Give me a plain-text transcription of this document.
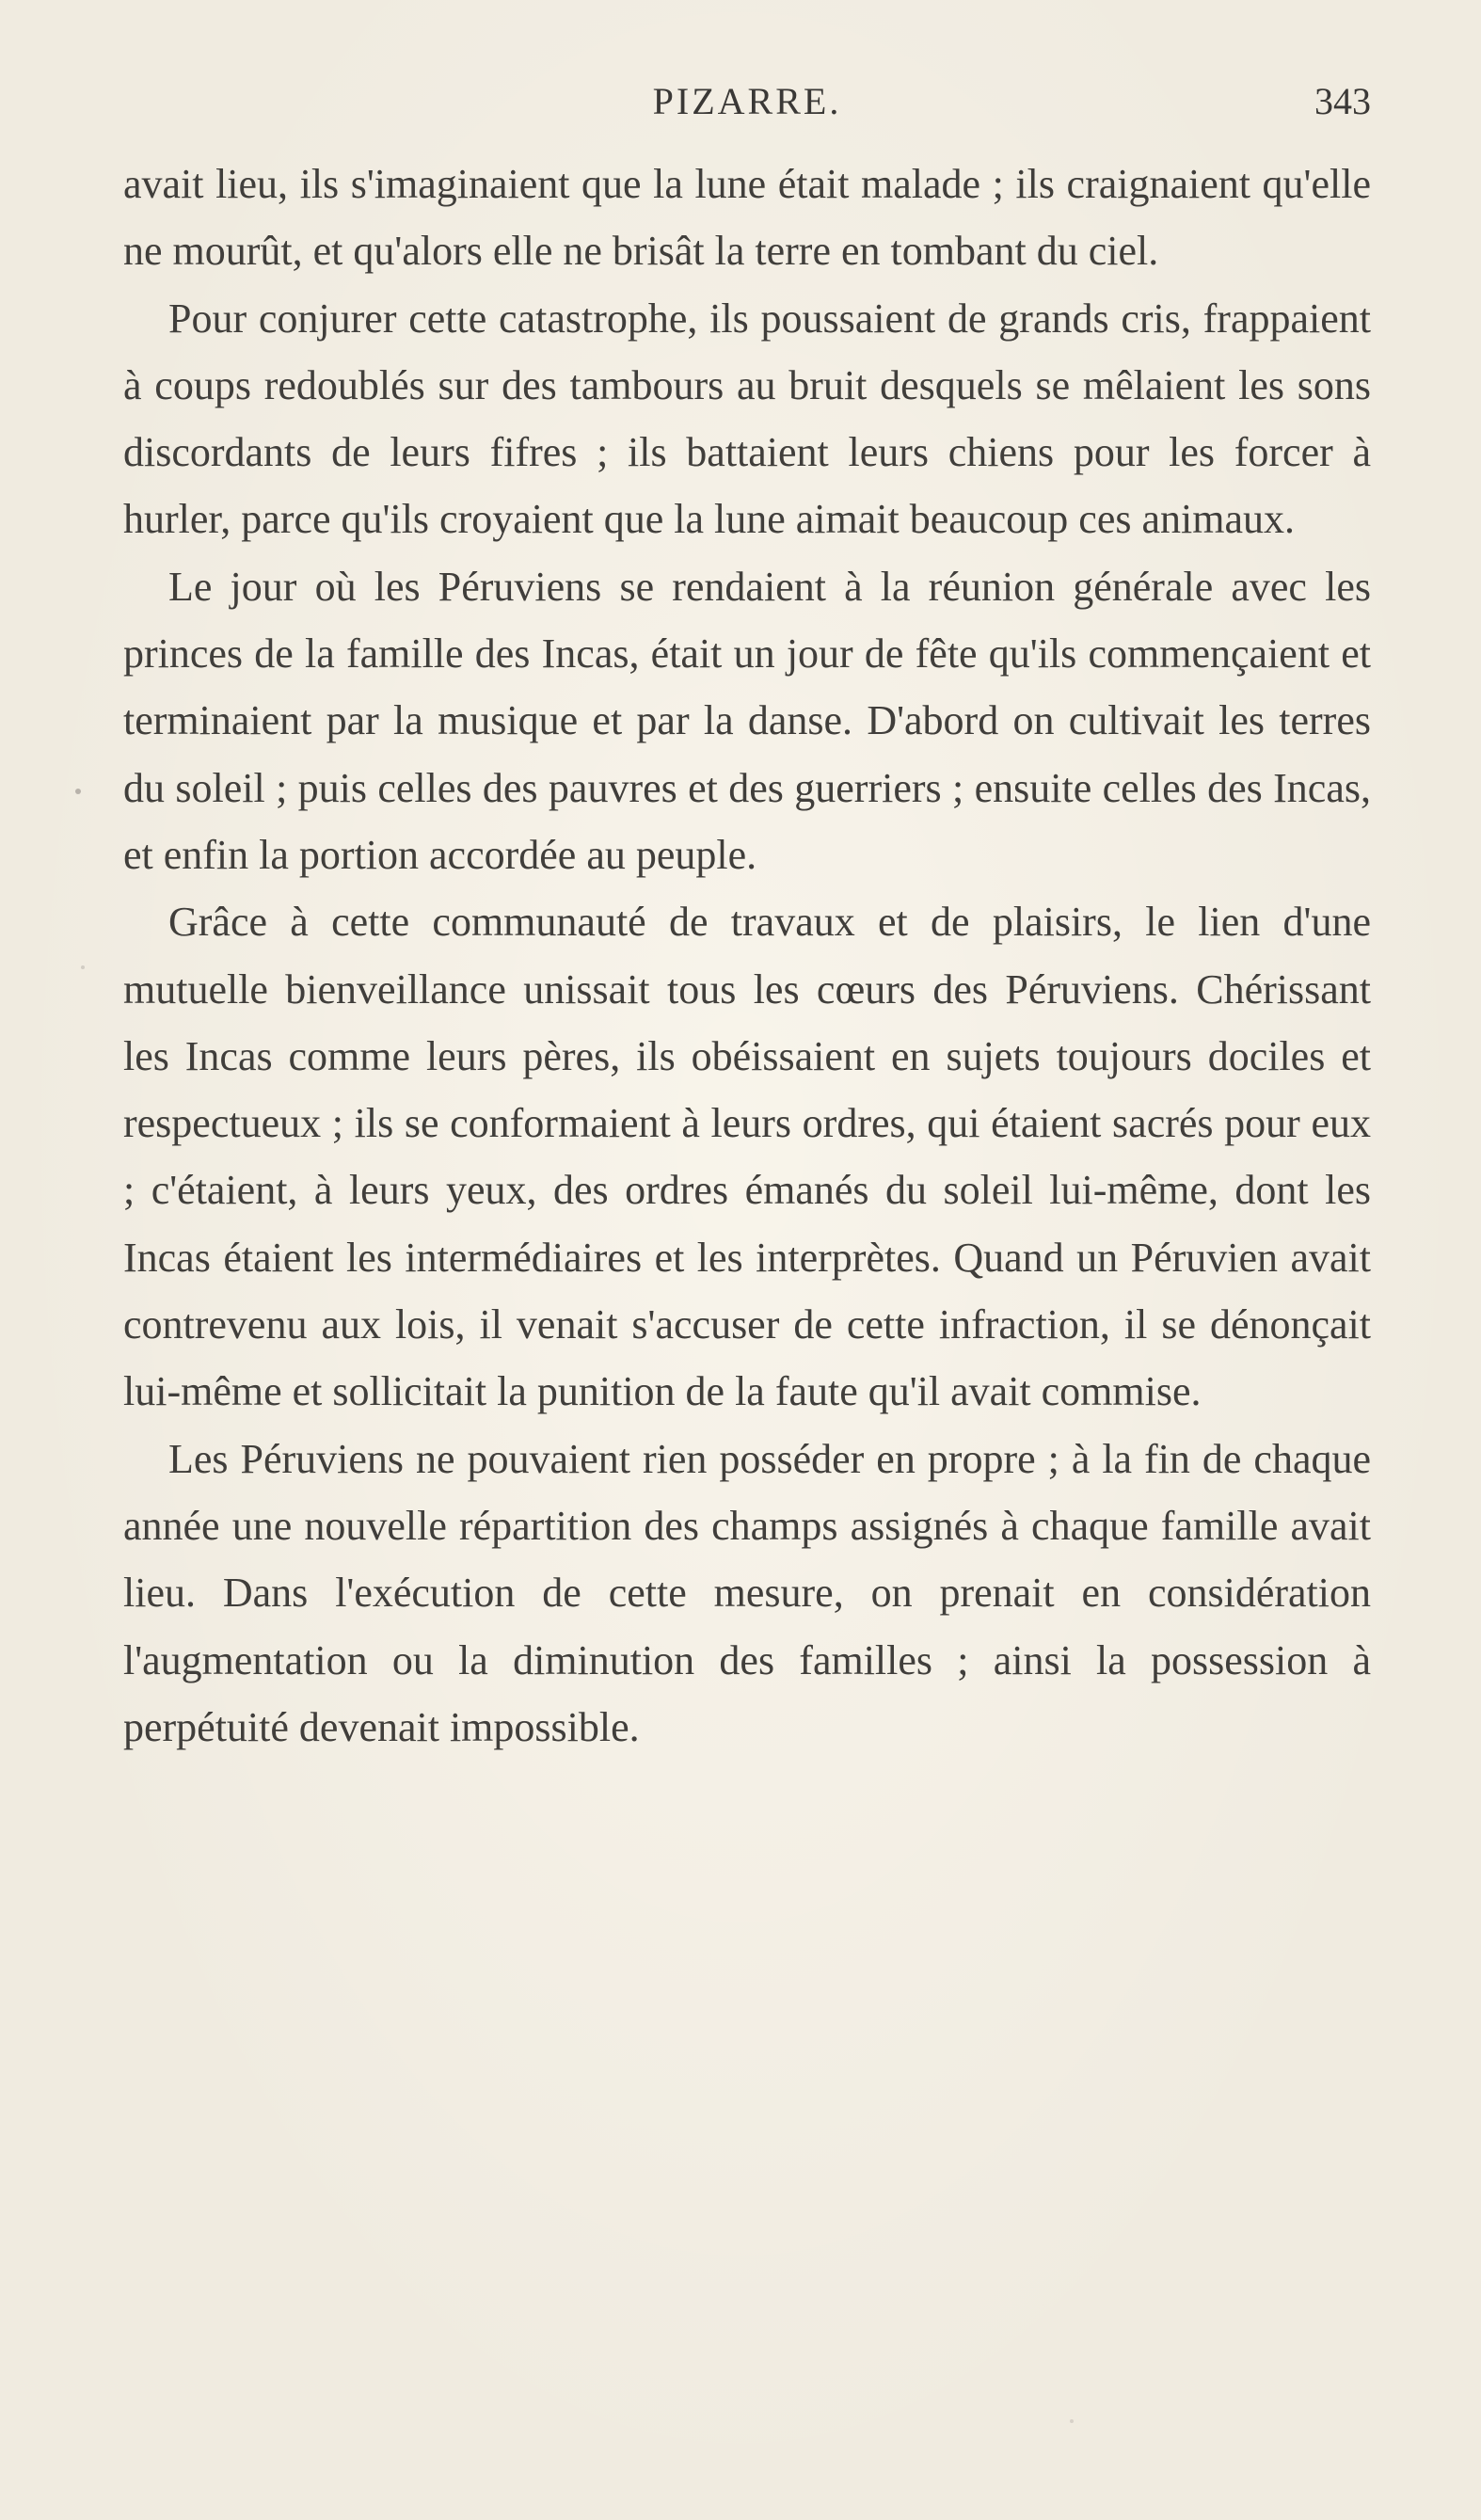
PIZARRE.	343

avait lieu, ils s'imaginaient que la lune était malade ; ils craignaient qu'elle ne mourût, et qu'alors elle ne brisât la terre en tombant du ciel.

Pour conjurer cette catastrophe, ils poussaient de grands cris, frappaient à coups redoublés sur des tambours au bruit desquels se mêlaient les sons discordants de leurs fifres ; ils battaient leurs chiens pour les forcer à hurler, parce qu'ils croyaient que la lune aimait beaucoup ces animaux.

Le jour où les Péruviens se rendaient à la réunion générale avec les princes de la famille des Incas, était un jour de fête qu'ils commençaient et terminaient par la musique et par la danse. D'abord on cultivait les terres du soleil ; puis celles des pauvres et des guerriers ; ensuite celles des Incas, et enfin la portion accordée au peuple.

Grâce à cette communauté de travaux et de plaisirs, le lien d'une mutuelle bienveillance unissait tous les cœurs des Péruviens. Chérissant les Incas comme leurs pères, ils obéissaient en sujets toujours dociles et respectueux ; ils se conformaient à leurs ordres, qui étaient sacrés pour eux ; c'étaient, à leurs yeux, des ordres émanés du soleil lui-même, dont les Incas étaient les intermédiaires et les interprètes. Quand un Péruvien avait contrevenu aux lois, il venait s'accuser de cette infraction, il se dénonçait lui-même et sollicitait la punition de la faute qu'il avait commise.

Les Péruviens ne pouvaient rien posséder en propre ; à la fin de chaque année une nouvelle répartition des champs assignés à chaque famille avait lieu. Dans l'exécution de cette mesure, on prenait en considération l'augmentation ou la diminution des familles ; ainsi la possession à perpétuité devenait impossible.
